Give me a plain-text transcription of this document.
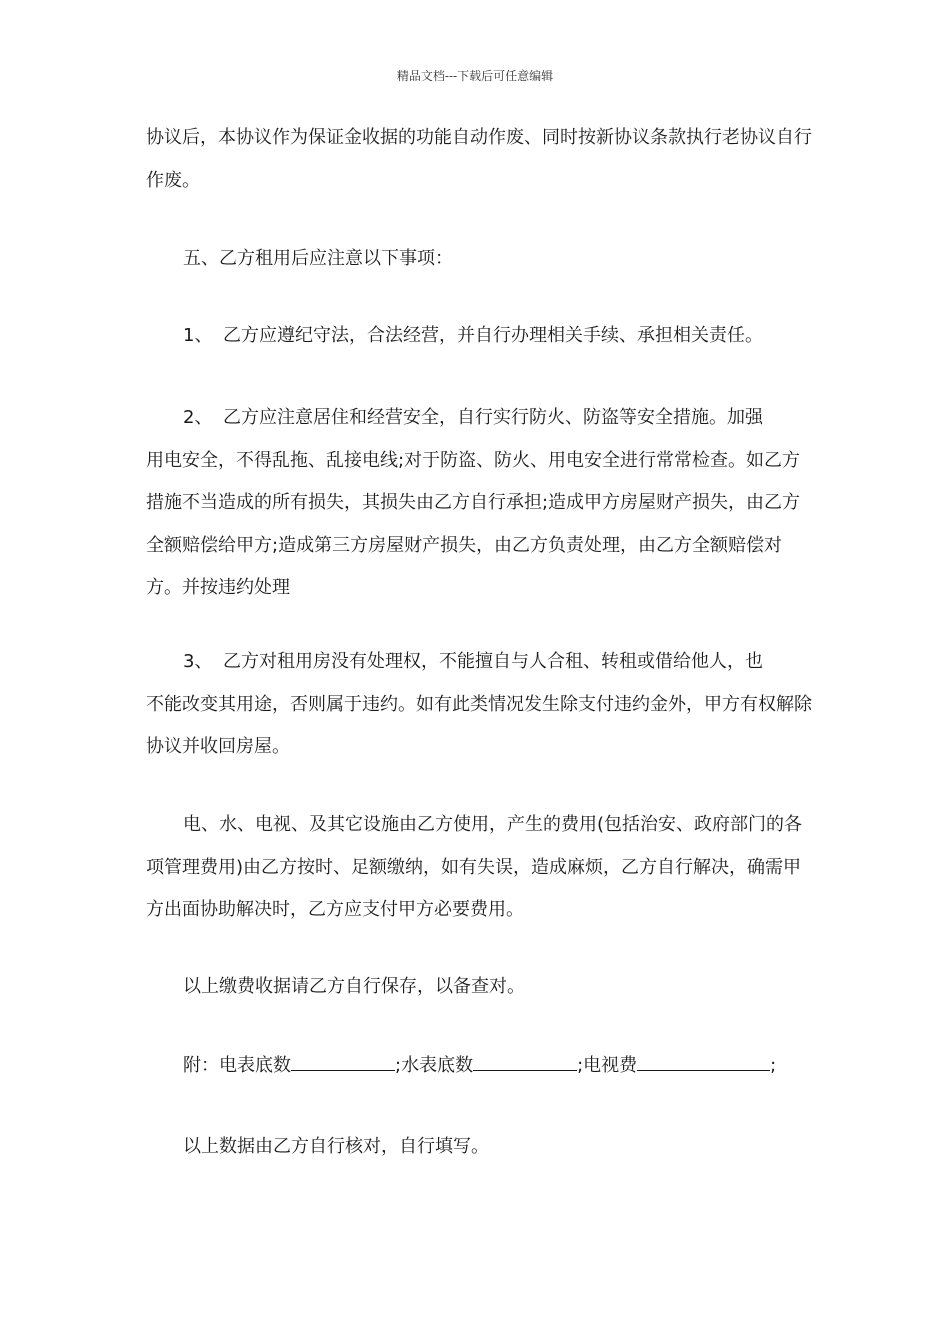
精品文档---下载后可任意编辑
协议后，本协议作为保证金收据的功能自动作废、同时按新协议条款执行老协议自行作废。
五、乙方租用后应注意以下事项：
1、 乙方应遵纪守法，合法经营，并自行办理相关手续、承担相关责任。
2、 乙方应注意居住和经营安全，自行实行防火、防盗等安全措施。加强
用电安全，不得乱拖、乱接电线;对于防盗、防火、用电安全进行常常检查。如乙方措施不当造成的所有损失，其损失由乙方自行承担;造成甲方房屋财产损失，由乙方全额赔偿给甲方;造成第三方房屋财产损失，由乙方负责处理，由乙方全额赔偿对方。并按违约处理
3、 乙方对租用房没有处理权，不能擅自与人合租、转租或借给他人，也
不能改变其用途，否则属于违约。如有此类情况发生除支付违约金外，甲方有权解除协议并收回房屋。
电、水、电视、及其它设施由乙方使用，产生的费用(包括治安、政府部门的各项管理费用)由乙方按时、足额缴纳，如有失误，造成麻烦，乙方自行解决，确需甲方出面协助解决时，乙方应支付甲方必要费用。
以上缴费收据请乙方自行保存，以备查对。
附：电表底数	;水表底数	;电视费	;
以上数据由乙方自行核对，自行填写。
